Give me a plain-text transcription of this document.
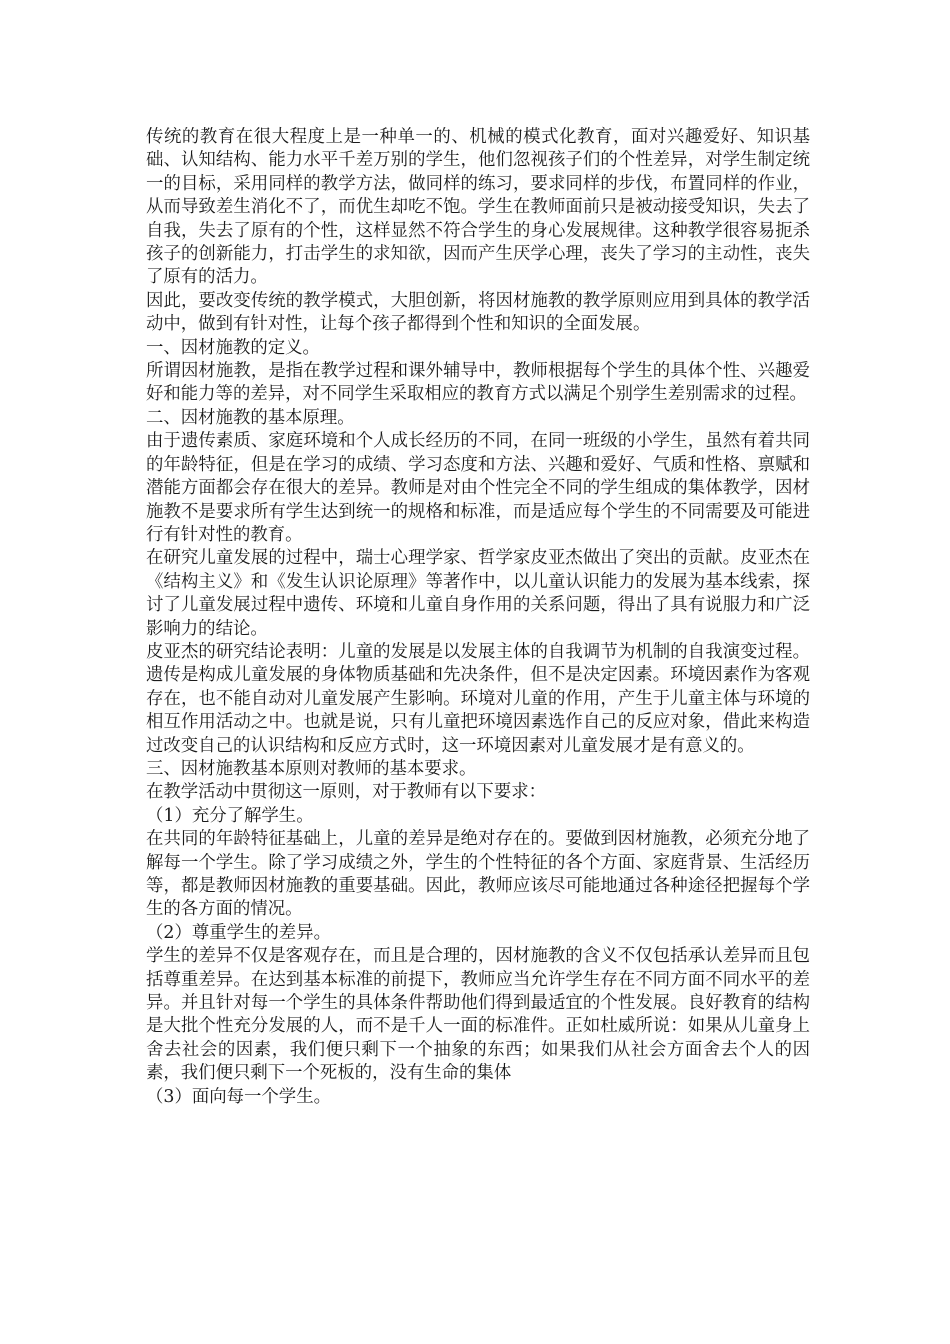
传统的教育在很大程度上是一种单一的、机械的模式化教育，面对兴趣爱好、知识基础、认知结构、能力水平千差万别的学生，他们忽视孩子们的个性差异，对学生制定统一的目标，采用同样的教学方法，做同样的练习，要求同样的步伐，布置同样的作业，从而导致差生消化不了，而优生却吃不饱。学生在教师面前只是被动接受知识，失去了自我，失去了原有的个性，这样显然不符合学生的身心发展规律。这种教学很容易扼杀孩子的创新能力，打击学生的求知欲，因而产生厌学心理，丧失了学习的主动性，丧失了原有的活力。

因此，要改变传统的教学模式，大胆创新，将因材施教的教学原则应用到具体的教学活动中，做到有针对性，让每个孩子都得到个性和知识的全面发展。

一、因材施教的定义。

所谓因材施教，是指在教学过程和课外辅导中，教师根据每个学生的具体个性、兴趣爱好和能力等的差异，对不同学生采取相应的教育方式以满足个别学生差别需求的过程。

二、因材施教的基本原理。

由于遗传素质、家庭环境和个人成长经历的不同，在同一班级的小学生，虽然有着共同的年龄特征，但是在学习的成绩、学习态度和方法、兴趣和爱好、气质和性格、禀赋和潜能方面都会存在很大的差异。教师是对由个性完全不同的学生组成的集体教学，因材施教不是要求所有学生达到统一的规格和标准，而是适应每个学生的不同需要及可能进行有针对性的教育。

在研究儿童发展的过程中，瑞士心理学家、哲学家皮亚杰做出了突出的贡献。皮亚杰在《结构主义》和《发生认识论原理》等著作中，以儿童认识能力的发展为基本线索，探讨了儿童发展过程中遗传、环境和儿童自身作用的关系问题，得出了具有说服力和广泛影响力的结论。

皮亚杰的研究结论表明：儿童的发展是以发展主体的自我调节为机制的自我演变过程。遗传是构成儿童发展的身体物质基础和先决条件，但不是决定因素。环境因素作为客观存在，也不能自动对儿童发展产生影响。环境对儿童的作用，产生于儿童主体与环境的相互作用活动之中。也就是说，只有儿童把环境因素选作自己的反应对象，借此来构造过改变自己的认识结构和反应方式时，这一环境因素对儿童发展才是有意义的。

三、因材施教基本原则对教师的基本要求。

在教学活动中贯彻这一原则，对于教师有以下要求：

（1）充分了解学生。

在共同的年龄特征基础上，儿童的差异是绝对存在的。要做到因材施教，必须充分地了解每一个学生。除了学习成绩之外，学生的个性特征的各个方面、家庭背景、生活经历等，都是教师因材施教的重要基础。因此，教师应该尽可能地通过各种途径把握每个学生的各方面的情况。

（2）尊重学生的差异。

学生的差异不仅是客观存在，而且是合理的，因材施教的含义不仅包括承认差异而且包括尊重差异。在达到基本标准的前提下，教师应当允许学生存在不同方面不同水平的差异。并且针对每一个学生的具体条件帮助他们得到最适宜的个性发展。良好教育的结构是大批个性充分发展的人，而不是千人一面的标准件。正如杜威所说：如果从儿童身上舍去社会的因素，我们便只剩下一个抽象的东西；如果我们从社会方面舍去个人的因素，我们便只剩下一个死板的，没有生命的集体

（3）面向每一个学生。
